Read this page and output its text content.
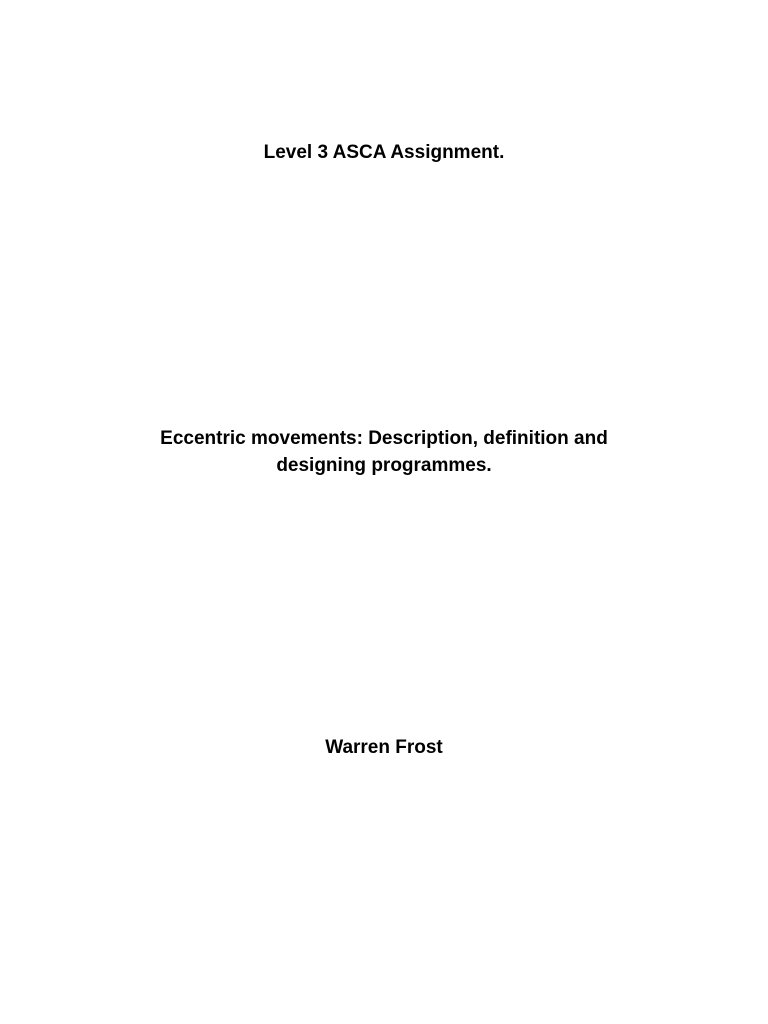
Level 3 ASCA Assignment.
Eccentric movements: Description, definition and
designing programmes.
Warren Frost
